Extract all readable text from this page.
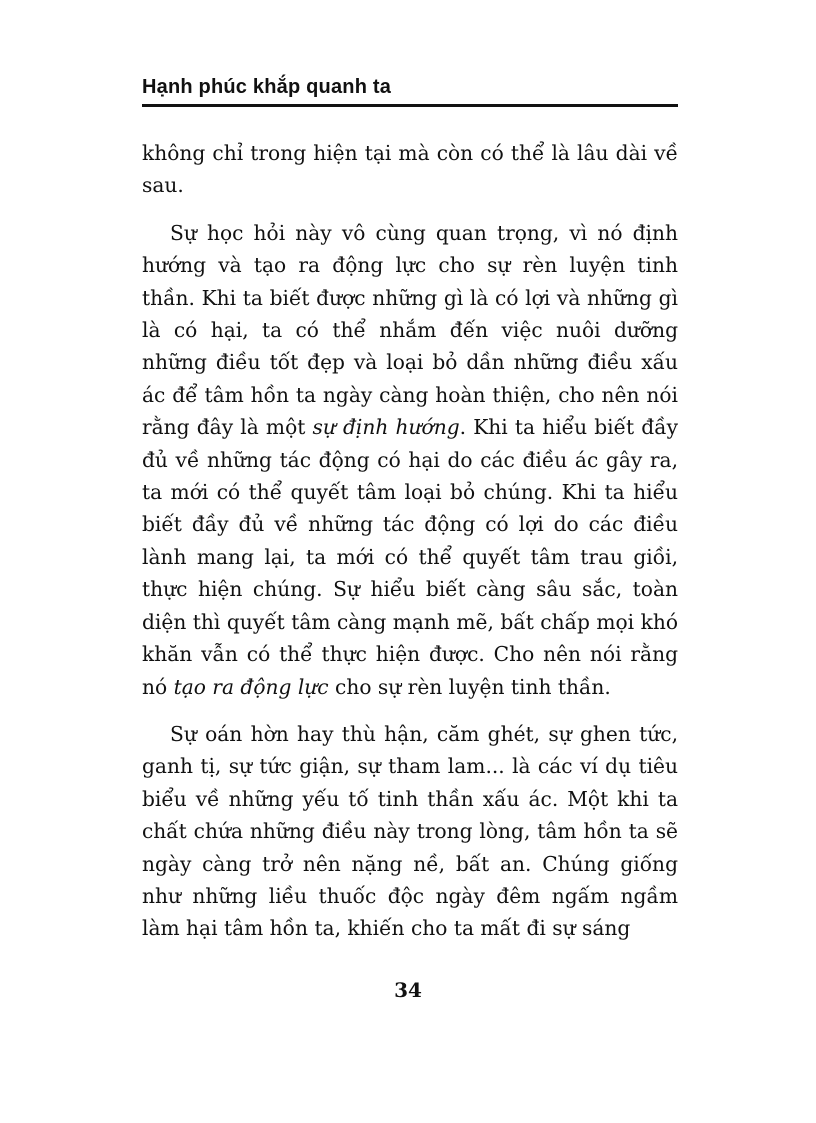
Hạnh phúc khắp quanh ta

không chỉ trong hiện tại mà còn có thể là lâu dài về sau.

Sự học hỏi này vô cùng quan trọng, vì nó định hướng và tạo ra động lực cho sự rèn luyện tinh thần. Khi ta biết được những gì là có lợi và những gì là có hại, ta có thể nhắm đến việc nuôi dưỡng những điều tốt đẹp và loại bỏ dần những điều xấu ác để tâm hồn ta ngày càng hoàn thiện, cho nên nói rằng đây là một sự định hướng. Khi ta hiểu biết đầy đủ về những tác động có hại do các điều ác gây ra, ta mới có thể quyết tâm loại bỏ chúng. Khi ta hiểu biết đầy đủ về những tác động có lợi do các điều lành mang lại, ta mới có thể quyết tâm trau giồi, thực hiện chúng. Sự hiểu biết càng sâu sắc, toàn diện thì quyết tâm càng mạnh mẽ, bất chấp mọi khó khăn vẫn có thể thực hiện được. Cho nên nói rằng nó tạo ra động lực cho sự rèn luyện tinh thần.

Sự oán hờn hay thù hận, căm ghét, sự ghen tức, ganh tị, sự tức giận, sự tham lam... là các ví dụ tiêu biểu về những yếu tố tinh thần xấu ác. Một khi ta chất chứa những điều này trong lòng, tâm hồn ta sẽ ngày càng trở nên nặng nề, bất an. Chúng giống như những liều thuốc độc ngày đêm ngấm ngầm làm hại tâm hồn ta, khiến cho ta mất đi sự sáng

34
